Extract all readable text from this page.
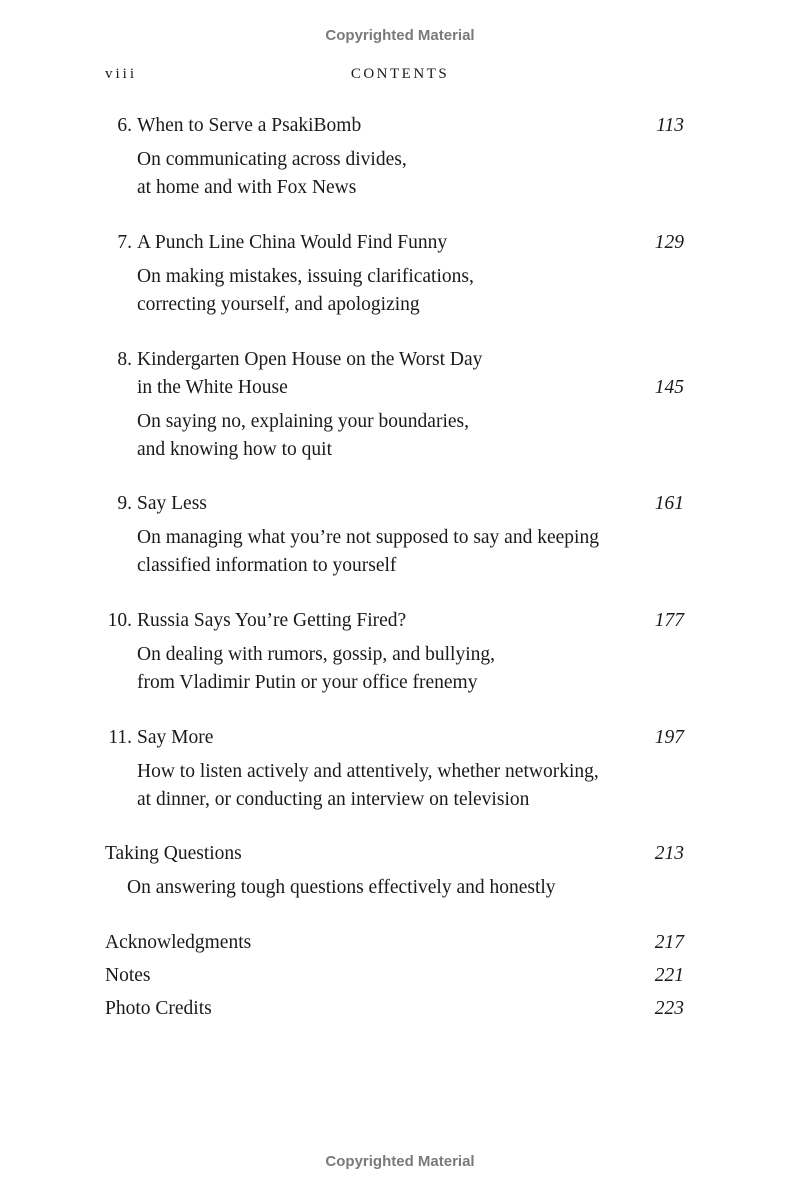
Copyrighted Material
viii	CONTENTS
6. When to Serve a PsakiBomb	113
On communicating across divides,
at home and with Fox News
7. A Punch Line China Would Find Funny	129
On making mistakes, issuing clarifications,
correcting yourself, and apologizing
8. Kindergarten Open House on the Worst Day
in the White House	145
On saying no, explaining your boundaries,
and knowing how to quit
9. Say Less	161
On managing what you’re not supposed to say and keeping
classified information to yourself
10. Russia Says You’re Getting Fired?	177
On dealing with rumors, gossip, and bullying,
from Vladimir Putin or your office frenemy
11. Say More	197
How to listen actively and attentively, whether networking,
at dinner, or conducting an interview on television
Taking Questions	213
On answering tough questions effectively and honestly
Acknowledgments	217
Notes	221
Photo Credits	223
Copyrighted Material
